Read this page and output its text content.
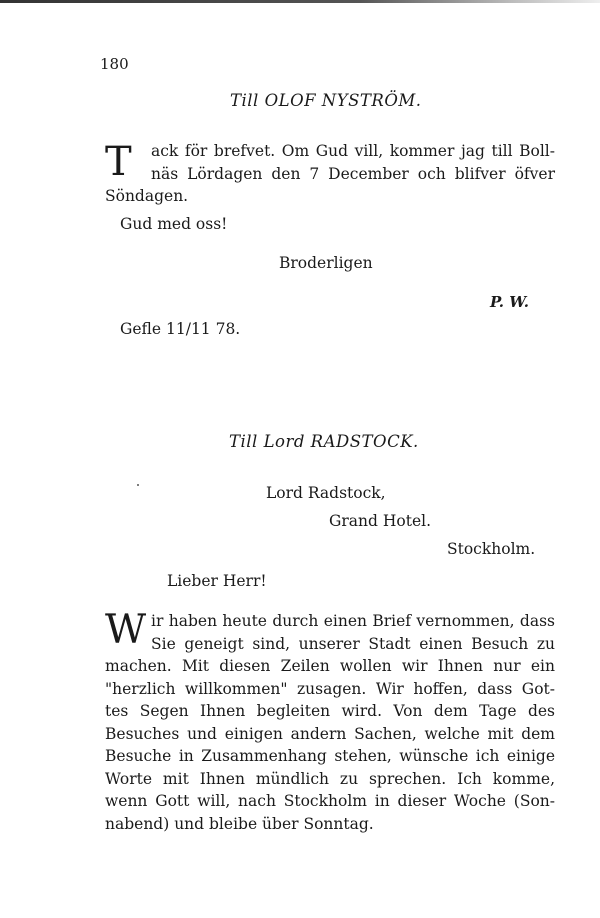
180
Till OLOF NYSTRÖM.
T	ack för brefvet. Om Gud vill, kommer jag till Boll-
näs Lördagen den 7 December och blifver öfver
Söndagen.
Gud med oss!
Broderligen
P. W.
Gefle 11/11 78.
Till Lord RADSTOCK.
Lord Radstock,
Grand Hotel.
Stockholm.
Lieber Herr!
W ir haben heute durch einen Brief vernommen, dass
Sie geneigt sind, unserer Stadt einen Besuch zu
machen. Mit diesen Zeilen wollen wir Ihnen nur ein
"herzlich willkommen" zusagen. Wir hoffen, dass Got-
tes Segen Ihnen begleiten wird. Von dem Tage des
Besuches und einigen andern Sachen, welche mit dem
Besuche in Zusammenhang stehen, wünsche ich einige
Worte mit Ihnen mündlich zu sprechen. Ich komme,
wenn Gott will, nach Stockholm in dieser Woche (Son-
nabend) und bleibe über Sonntag.
